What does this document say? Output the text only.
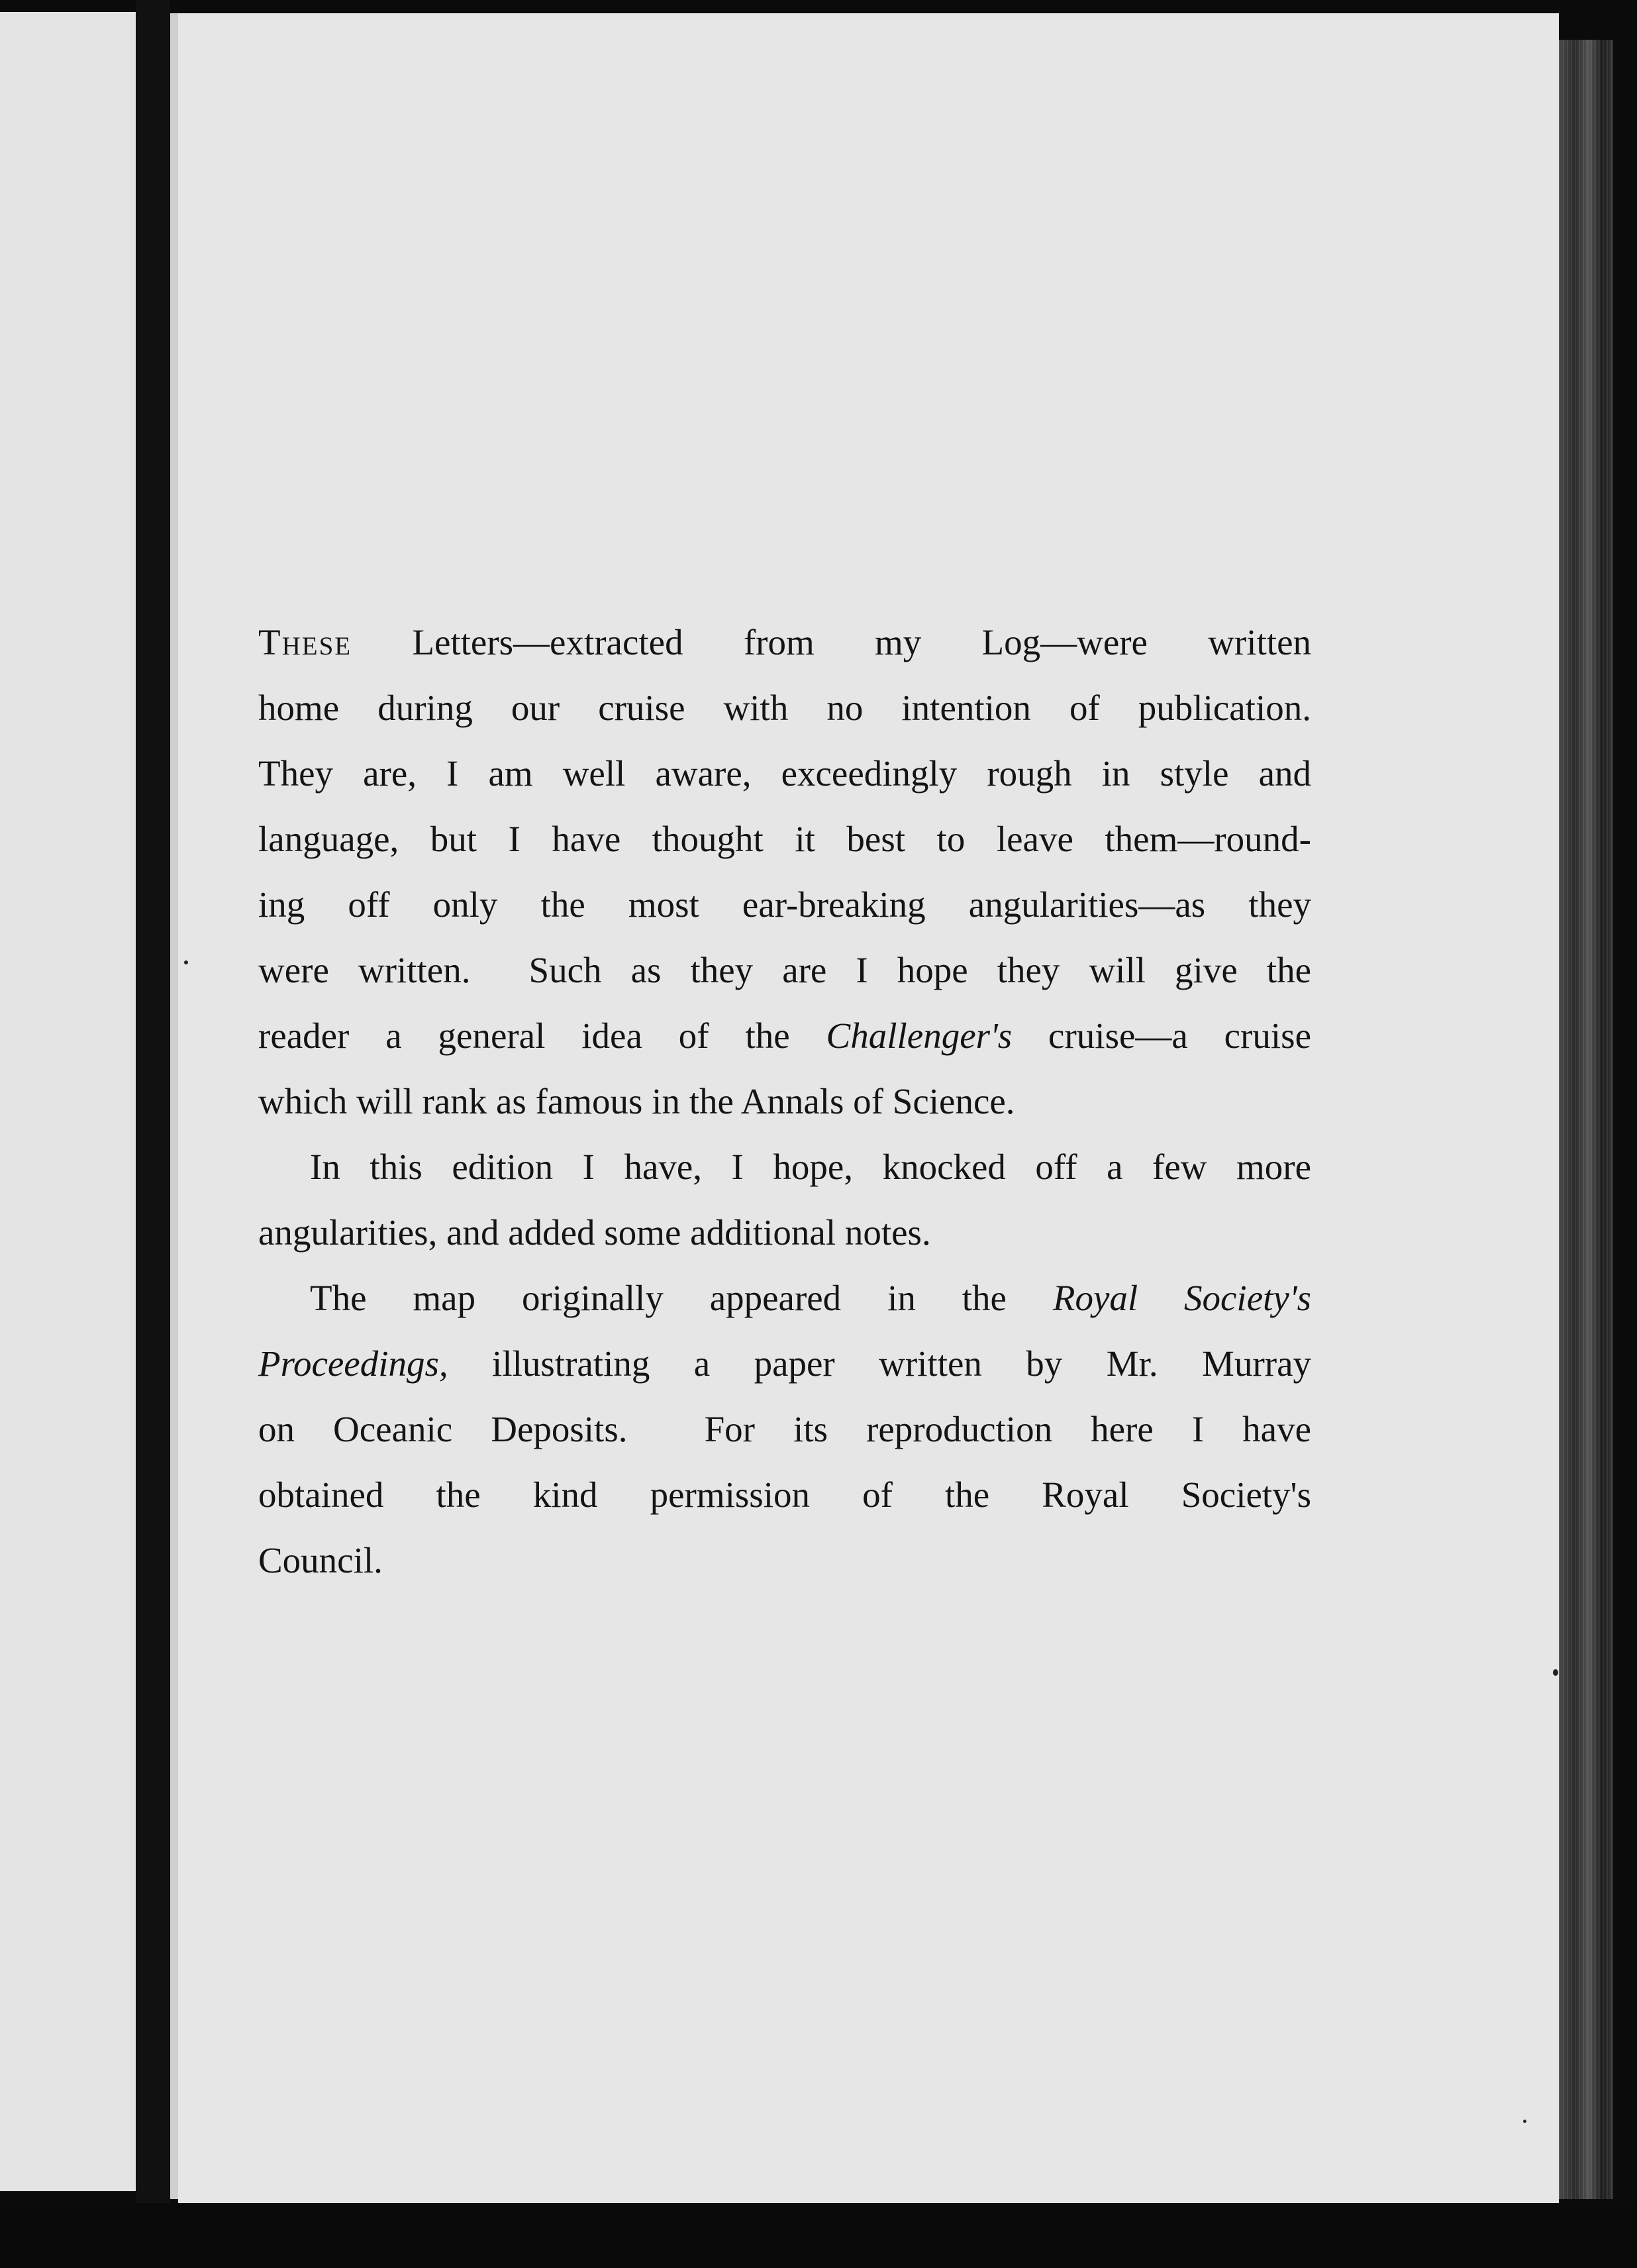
These Letters—extracted from my Log—were written
home during our cruise with no intention of publication.
They are, I am well aware, exceedingly rough in style and
language, but I have thought it best to leave them—round-
ing off only the most ear-breaking angularities—as they
were written.  Such as they are I hope they will give the
reader a general idea of the Challenger's cruise—a cruise
which will rank as famous in the Annals of Science.

In this edition I have, I hope, knocked off a few more
angularities, and added some additional notes.

The map originally appeared in the Royal Society's
Proceedings, illustrating a paper written by Mr. Murray
on Oceanic Deposits.  For its reproduction here I have
obtained the kind permission of the Royal Society's
Council.
